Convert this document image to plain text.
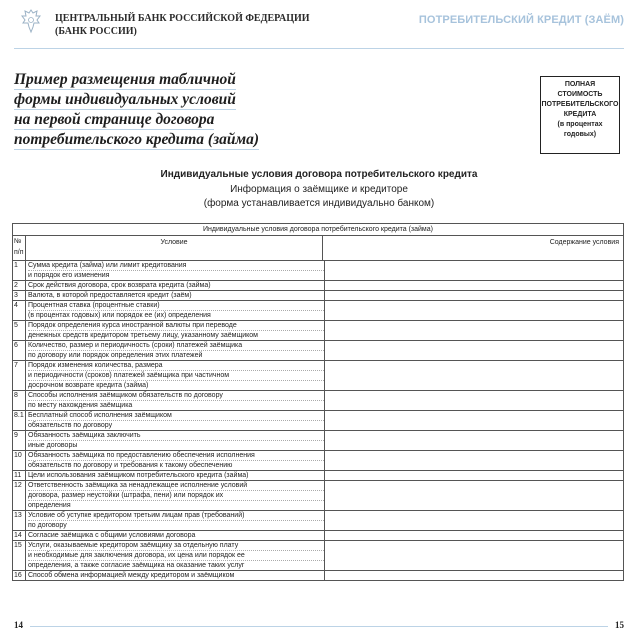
ЦЕНТРАЛЬНЫЙ БАНК РОССИЙСКОЙ ФЕДЕРАЦИИ
(БАНК РОССИИ)
ПОТРЕБИТЕЛЬСКИЙ КРЕДИТ (ЗАЁМ)
Пример размещения табличной
формы индивидуальных условий
на первой странице договора
потребительского кредита (займа)
ПОЛНАЯ
СТОИМОСТЬ
ПОТРЕБИТЕЛЬСКОГО
КРЕДИТА
(в процентах
годовых)
Индивидуальные условия договора потребительского кредита
Информация о заёмщике и кредиторе
(форма устанавливается индивидуально банком)
Индивидуальные условия договора потребительского кредита (займа)
№
п/п
Условие	Содержание условия
1	Сумма кредита (займа) или лимит кредитования
и порядок его изменения
2	Срок действия договора, срок возврата кредита (займа)
3	Валюта, в которой предоставляется кредит (заём)
4	Процентная ставка (процентные ставки)
(в процентах годовых) или порядок ее (их) определения
5	Порядок определения курса иностранной валюты при переводе
денежных средств кредитором третьему лицу, указанному заёмщиком
6	Количество, размер и периодичность (сроки) платежей заёмщика
по договору или порядок определения этих платежей
7	Порядок изменения количества, размера
и периодичности (сроков) платежей заёмщика при частичном
досрочном возврате кредита (займа)
8	Способы исполнения заёмщиком обязательств по договору
по месту нахождения заёмщика
8.1 Бесплатный способ исполнения заёмщиком
обязательств по договору
9	Обязанность заёмщика заключить
иные договоры
10 Обязанность заёмщика по предоставлению обеспечения исполнения
обязательств по договору и требования к такому обеспечению
11 Цели использования заёмщиком потребительского кредита (займа)
12 Ответственность заёмщика за ненадлежащее исполнение условий
договора, размер неустойки (штрафа, пени) или порядок их
определения
13 Условие об уступке кредитором третьим лицам прав (требований)
по договору
14 Согласие заёмщика с общими условиями договора
15 Услуги, оказываемые кредитором заёмщику за отдельную плату
и необходимые для заключения договора, их цена или порядок ее
определения, а также согласие заёмщика на оказание таких услуг
16 Способ обмена информацией между кредитором и заёмщиком
14	15
